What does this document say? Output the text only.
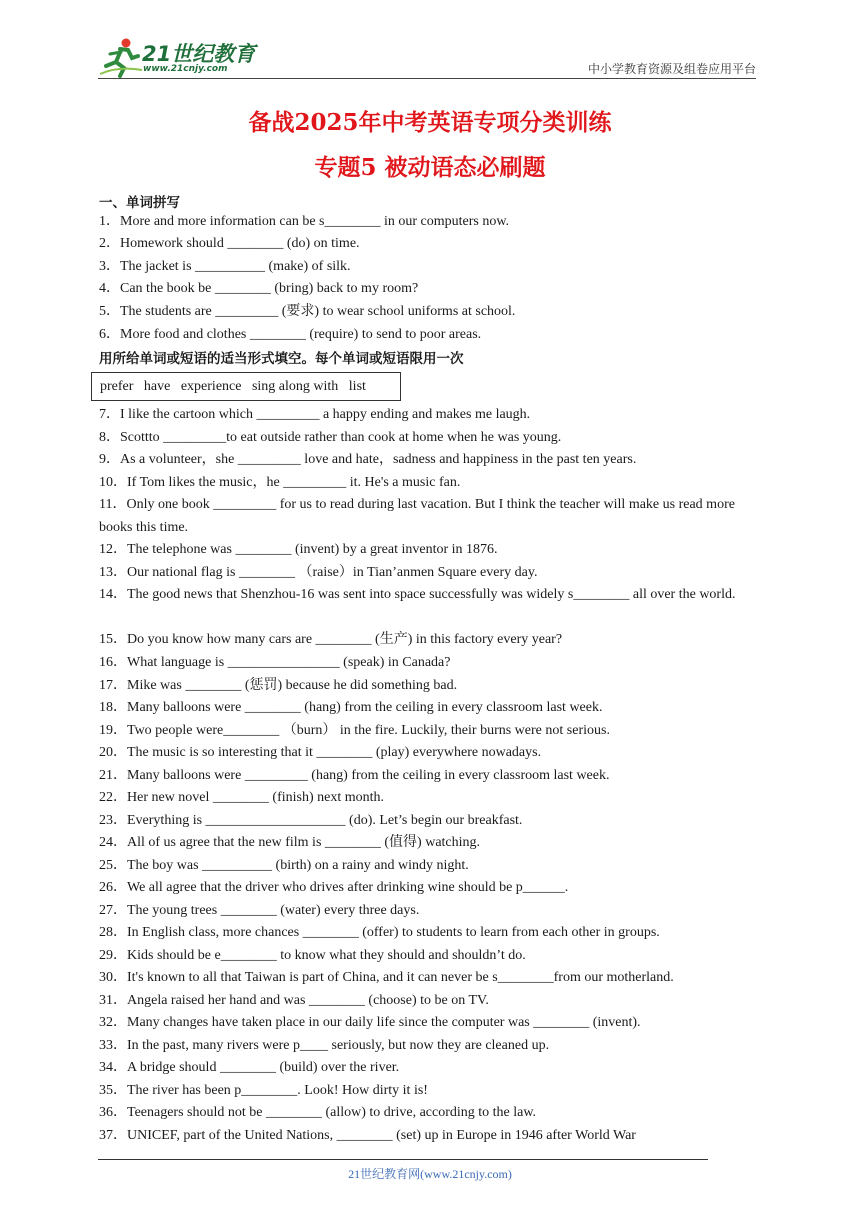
21世纪教育
www.21cnjy.com	中小学教育资源及组卷应用平台
备战2025年中考英语专项分类训练
专题5 被动语态必刷题
一、单词拼写
1．More and more information can be s________ in our computers now.
2．Homework should ________ (do) on time.
3．The jacket is __________ (make) of silk.
4．Can the book be ________ (bring) back to my room?
5．The students are _________ (要求) to wear school uniforms at school.
6．More food and clothes ________ (require) to send to poor areas.
用所给单词或短语的适当形式填空。每个单词或短语限用一次
prefer   have   experience   sing along with   list
7．I like the cartoon which _________ a happy ending and makes me laugh.
8．Scottto _________to eat outside rather than cook at home when he was young.
9．As a volunteer，she _________ love and hate，sadness and happiness in the past ten years.
10．If Tom likes the music，he _________ it. He's a music fan.
11．Only one book _________ for us to read during last vacation. But I think the teacher will make us read more books this time.
12．The telephone was ________ (invent) by a great inventor in 1876.
13．Our national flag is ________ （raise）in Tian’anmen Square every day.
14．The good news that Shenzhou-16 was sent into space successfully was widely s________ all over the world.
15．Do you know how many cars are ________ (生产) in this factory every year?
16．What language is ________________ (speak) in Canada?
17．Mike was ________ (惩罚) because he did something bad.
18．Many balloons were ________ (hang) from the ceiling in every classroom last week.
19．Two people were________ （burn） in the fire. Luckily, their burns were not serious.
20．The music is so interesting that it ________ (play) everywhere nowadays.
21．Many balloons were _________ (hang) from the ceiling in every classroom last week.
22．Her new novel ________ (finish) next month.
23．Everything is ____________________ (do). Let’s begin our breakfast.
24．All of us agree that the new film is ________ (值得) watching.
25．The boy was __________ (birth) on a rainy and windy night.
26．We all agree that the driver who drives after drinking wine should be p______.
27．The young trees ________ (water) every three days.
28．In English class, more chances ________ (offer) to students to learn from each other in groups.
29．Kids should be e________ to know what they should and shouldn’t do.
30．It's known to all that Taiwan is part of China, and it can never be s________from our motherland.
31．Angela raised her hand and was ________ (choose) to be on TV.
32．Many changes have taken place in our daily life since the computer was ________ (invent).
33．In the past, many rivers were p____ seriously, but now they are cleaned up.
34．A bridge should ________ (build) over the river.
35．The river has been p________. Look! How dirty it is!
36．Teenagers should not be ________ (allow) to drive, according to the law.
37．UNICEF, part of the United Nations, ________ (set) up in Europe in 1946 after World War
21世纪教育网(www.21cnjy.com)
